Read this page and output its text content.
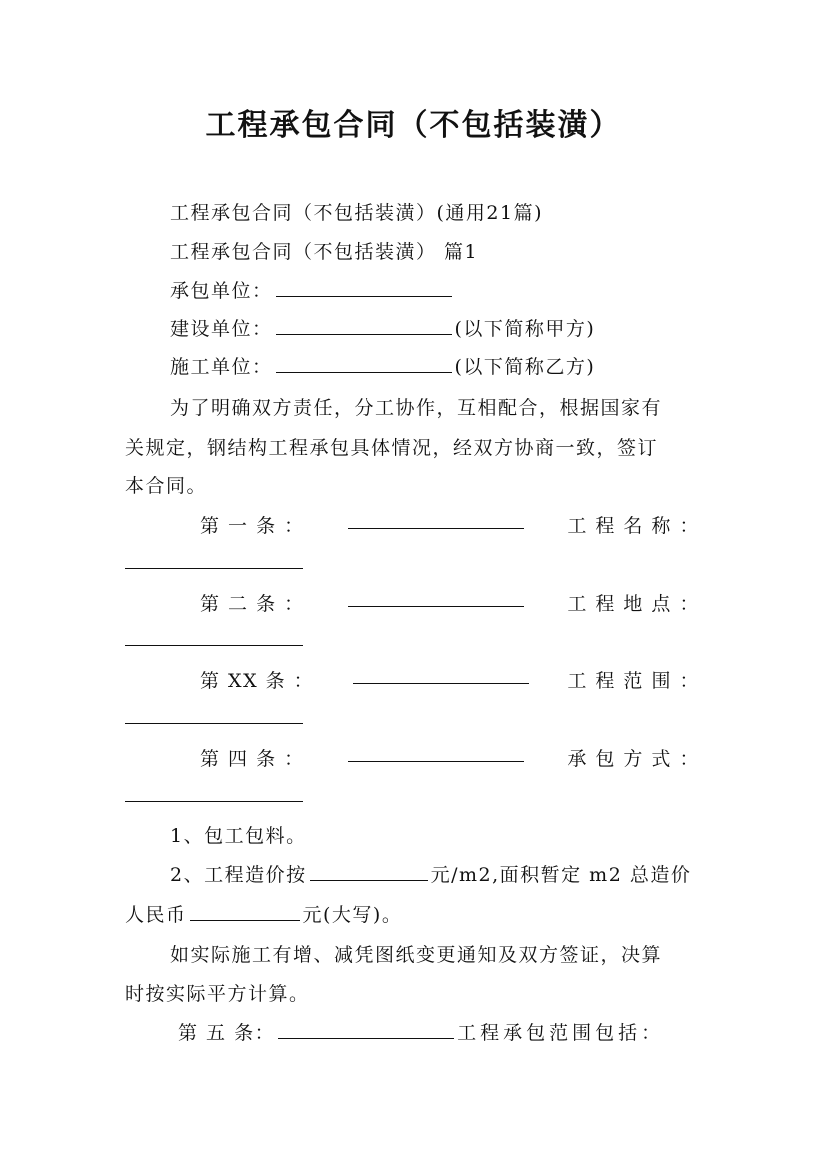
工程承包合同（不包括装潢）
工程承包合同（不包括装潢）(通用21篇)
工程承包合同（不包括装潢） 篇1
承包单位：
建设单位：	(以下简称甲方)
施工单位：	(以下简称乙方)
为了明确双方责任，分工协作，互相配合，根据国家有
关规定，钢结构工程承包具体情况，经双方协商一致，签订
本合同。
第 一 条 ：	工 程 名 称 ：
第 二 条 ：	工 程 地 点 ：
第 XX 条 ：	工 程 范 围 ：
第 四 条 ：	承 包 方 式 ：
1、包工包料。
2、工程造价按	元/m2,面积暂定 m2 总造价
人民币	元(大写)。
如实际施工有增、减凭图纸变更通知及双方签证，决算
时按实际平方计算。
第 五 条：	工程承包范围包括：
